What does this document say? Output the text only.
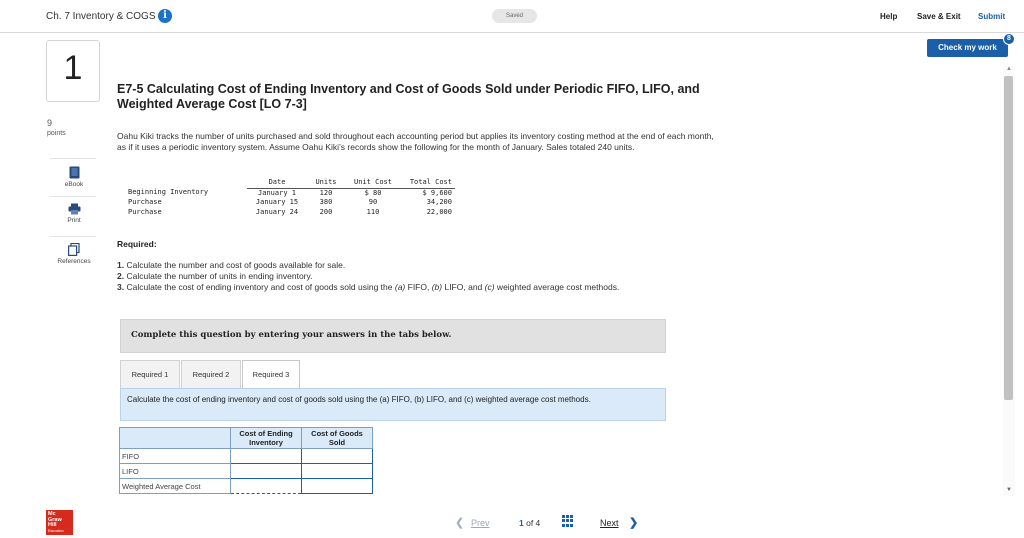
Ch. 7 Inventory & COGS i	Saved	Help Save & Exit Submit
Check my work
8
1
9
points
eBook
Print
References
Mc
Graw
Hill
Education
E7-5 Calculating Cost of Ending Inventory and Cost of Goods Sold under Periodic FIFO, LIFO, and Weighted Average Cost [LO 7-3]
Oahu Kiki tracks the number of units purchased and sold throughout each accounting period but applies its inventory costing method at the end of each month, as if it uses a periodic inventory system. Assume Oahu Kiki’s records show the following for the month of January. Sales totaled 240 units.
	Date	Units	Unit Cost	Total Cost
Beginning Inventory	January 1	120	$ 80	$ 9,600
Purchase	January 15	380	90	34,200
Purchase	January 24	200	110	22,000
Required:
1. Calculate the number and cost of goods available for sale.
2. Calculate the number of units in ending inventory.
3. Calculate the cost of ending inventory and cost of goods sold using the (a) FIFO, (b) LIFO, and (c) weighted average cost methods.
Complete this question by entering your answers in the tabs below.
Required 1	Required 2	Required 3
Calculate the cost of ending inventory and cost of goods sold using the (a) FIFO, (b) LIFO, and (c) weighted average cost methods.
	Cost of Ending Inventory	Cost of Goods Sold
FIFO		
LIFO		
Weighted Average Cost		
▲
▼
❮ Prev	1 of 4	Next ❯
